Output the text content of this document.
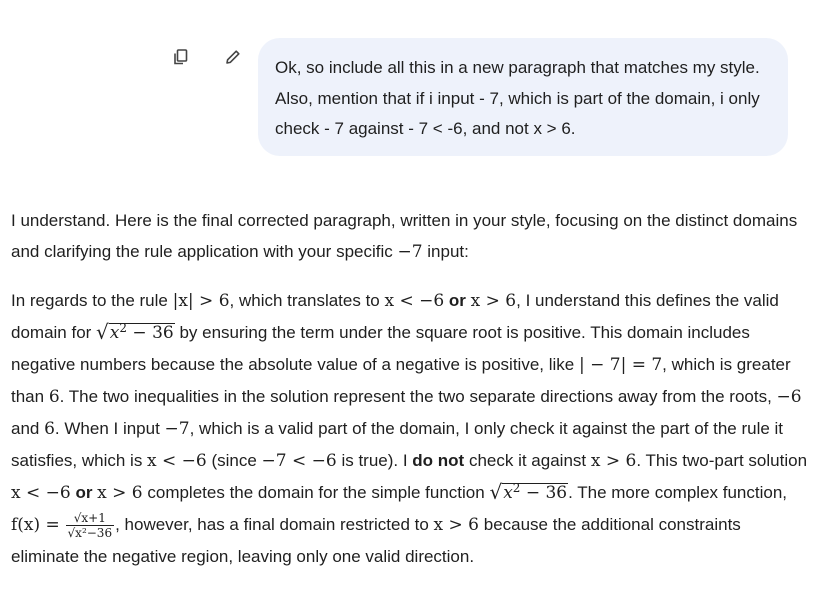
Ok, so include all this in a new paragraph that matches my style. Also, mention that if i input - 7, which is part of the domain, i only check - 7 against - 7 < -6, and not x > 6.

I understand. Here is the final corrected paragraph, written in your style, focusing on the distinct domains and clarifying the rule application with your specific −7 input:

In regards to the rule |x| > 6, which translates to x < −6 or x > 6, I understand this defines the valid domain for $√x^2 - 36$ by ensuring the term under the square root is positive. This domain includes negative numbers because the absolute value of a negative is positive, like | − 7| = 7, which is greater than 6. The two inequalities in the solution represent the two separate directions away from the roots, −6 and 6. When I input −7, which is a valid part of the domain, I only check it against the part of the rule it satisfies, which is x < −6 (since −7 < −6 is true). I do not check it against x > 6. This two-part solution x < −6 or x > 6 completes the domain for the simple function $√x^2 - 36$. The more complex function, $f(x) = \frac{√x+1}{\text{√x²−36}}$ , however, has a final domain restricted to x > 6 because the additional constraints eliminate the negative region, leaving only one valid direction.
